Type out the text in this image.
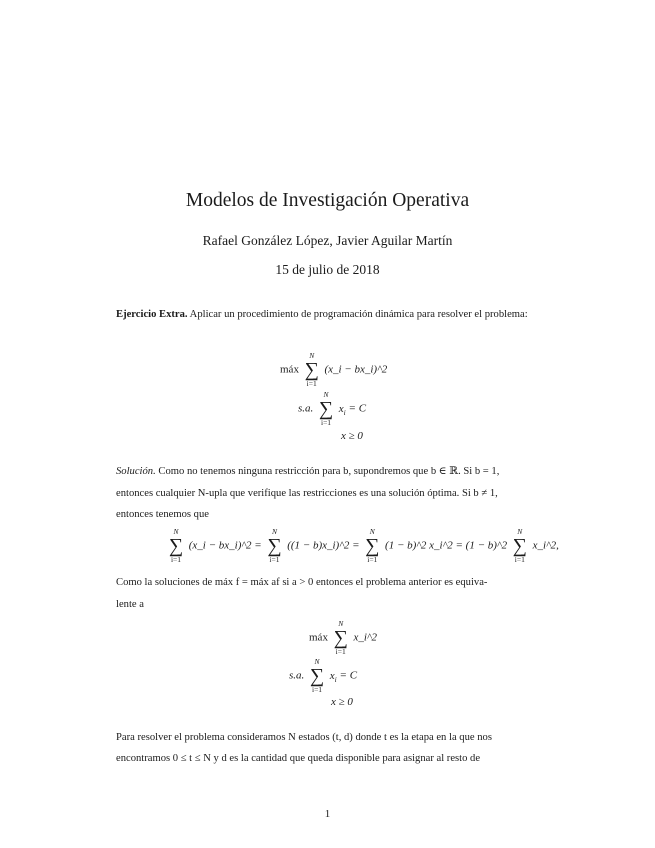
Modelos de Investigación Operativa
Rafael González López, Javier Aguilar Martín
15 de julio de 2018
Ejercicio Extra. Aplicar un procedimiento de programación dinámica para resolver el problema:
máx
N
∑
i=1
(x_i − bx_i)^2
s.a.
N
∑
i=1
$x_i = C$
x ≥ 0
Solución. Como no tenemos ninguna restricción para b, supondremos que b ∈ ℝ. Si b = 1,
entonces cualquier N-upla que verifique las restricciones es una solución óptima. Si b ≠ 1,
entonces tenemos que
N
∑
i=1
(x_i − bx_i)^2 =
N
∑
i=1
((1 − b)x_i)^2 =
N
∑
i=1
(1 − b)^2 x_i^2 = (1 − b)^2
N
∑
i=1
x_i^2,
Como la soluciones de máx f = máx af si a > 0 entonces el problema anterior es equiva-
lente a
máx
N
∑
i=1
x_i^2
s.a.
N
∑
i=1
$x_i = C$
x ≥ 0
Para resolver el problema consideramos N estados (t, d) donde t es la etapa en la que nos
encontramos 0 ≤ t ≤ N y d es la cantidad que queda disponible para asignar al resto de
1
